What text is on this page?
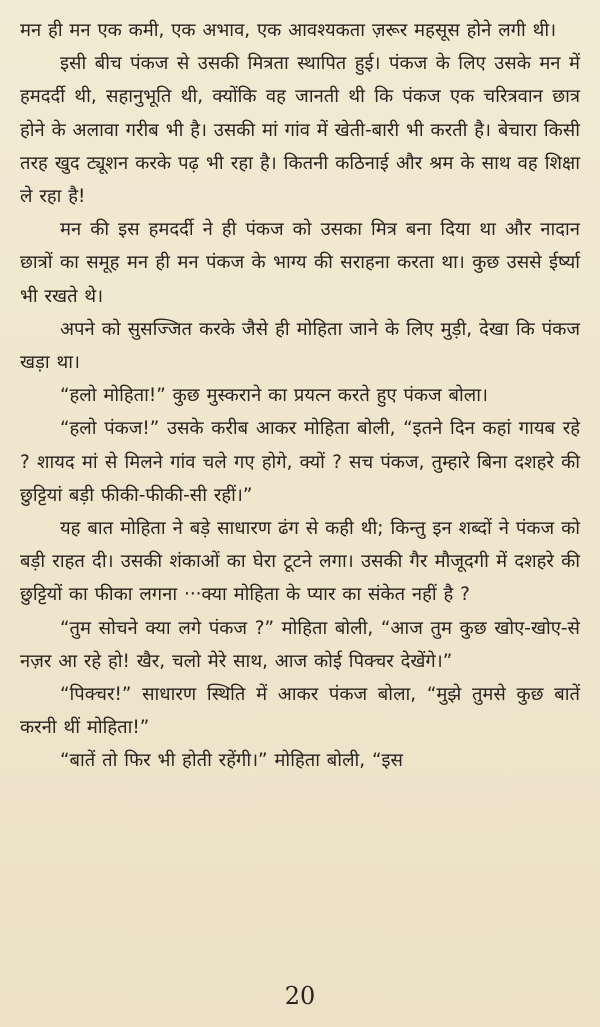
मन ही मन एक कमी, एक अभाव, एक आवश्यकता ज़रूर महसूस होने लगी थी।

इसी बीच पंकज से उसकी मित्रता स्थापित हुई। पंकज के लिए उसके मन में हमदर्दी थी, सहानुभूति थी, क्योंकि वह जानती थी कि पंकज एक चरित्रवान छात्र होने के अलावा गरीब भी है। उसकी मां गांव में खेती-बारी भी करती है। बेचारा किसी तरह खुद ट्यूशन करके पढ़ भी रहा है। कितनी कठिनाई और श्रम के साथ वह शिक्षा ले रहा है!

मन की इस हमदर्दी ने ही पंकज को उसका मित्र बना दिया था और नादान छात्रों का समूह मन ही मन पंकज के भाग्य की सराहना करता था। कुछ उससे ईर्ष्या भी रखते थे।

अपने को सुसज्जित करके जैसे ही मोहिता जाने के लिए मुड़ी, देखा कि पंकज खड़ा था।

“हलो मोहिता!” कुछ मुस्कराने का प्रयत्न करते हुए पंकज बोला।

“हलो पंकज!” उसके करीब आकर मोहिता बोली, “इतने दिन कहां गायब रहे ? शायद मां से मिलने गांव चले गए होगे, क्यों ? सच पंकज, तुम्हारे बिना दशहरे की छुट्टियां बड़ी फीकी-फीकी-सी रहीं।”

यह बात मोहिता ने बड़े साधारण ढंग से कही थी; किन्तु इन शब्दों ने पंकज को बड़ी राहत दी। उसकी शंकाओं का घेरा टूटने लगा। उसकी गैर मौजूदगी में दशहरे की छुट्टियों का फीका लगना ···क्या मोहिता के प्यार का संकेत नहीं है ?

“तुम सोचने क्या लगे पंकज ?” मोहिता बोली, “आज तुम कुछ खोए-खोए-से नज़र आ रहे हो! खैर, चलो मेरे साथ, आज कोई पिक्चर देखेंगे।”

“पिक्चर!” साधारण स्थिति में आकर पंकज बोला, “मुझे तुमसे कुछ बातें करनी थीं मोहिता!”

“बातें तो फिर भी होती रहेंगी।” मोहिता बोली, “इस

20
